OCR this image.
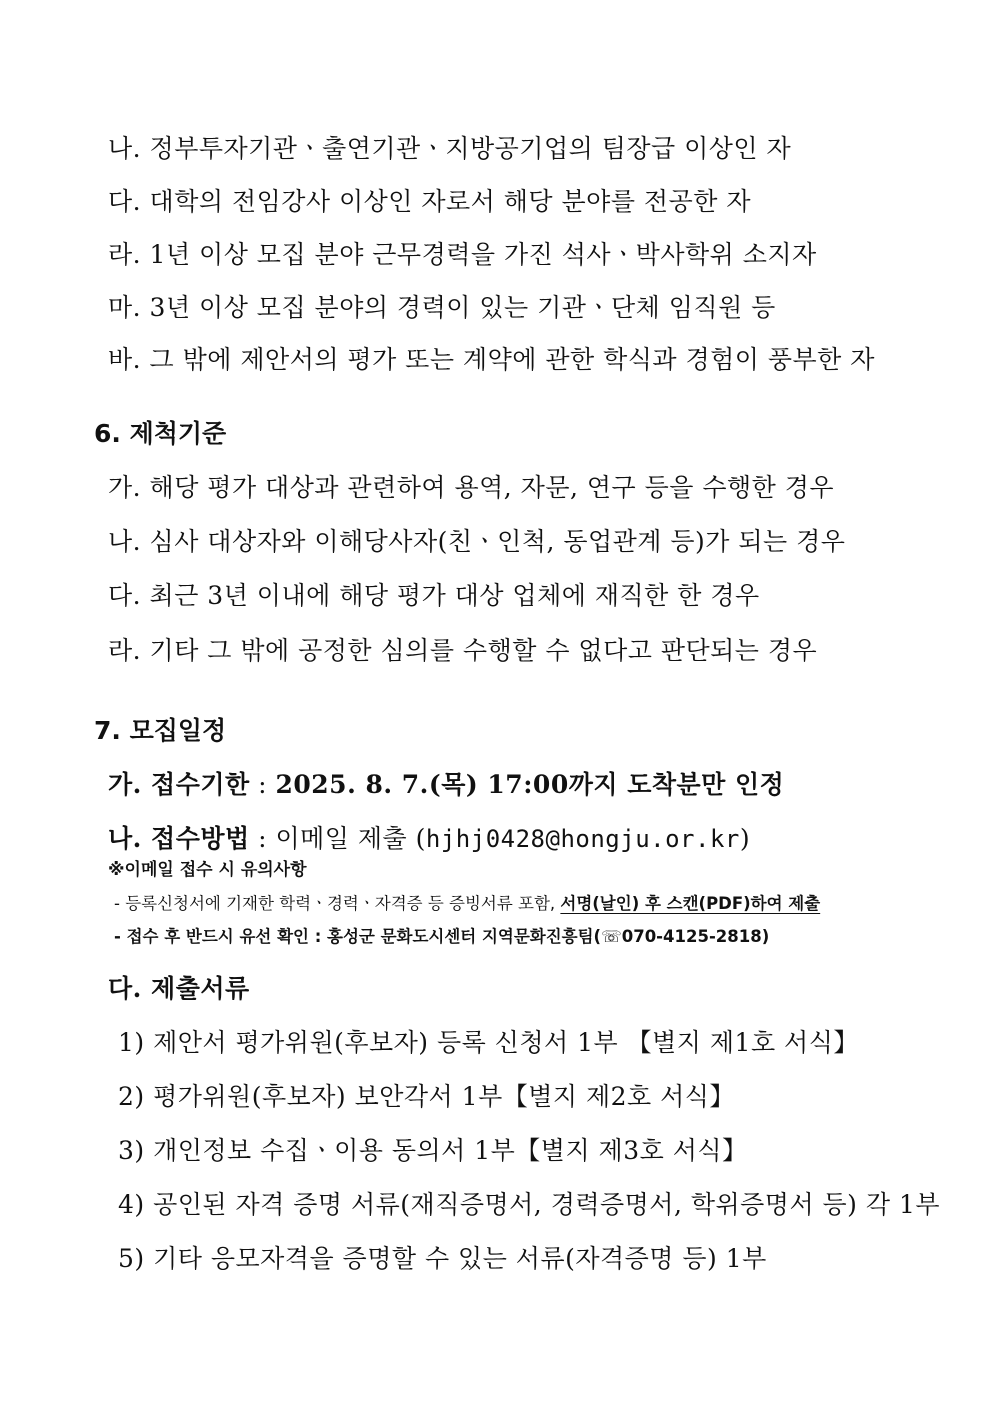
나. 정부투자기관ㆍ출연기관ㆍ지방공기업의 팀장급 이상인 자
다. 대학의 전임강사 이상인 자로서 해당 분야를 전공한 자
라. 1년 이상 모집 분야 근무경력을 가진 석사ㆍ박사학위 소지자
마. 3년 이상 모집 분야의 경력이 있는 기관ㆍ단체 임직원 등
바. 그 밖에 제안서의 평가 또는 계약에 관한 학식과 경험이 풍부한 자
6. 제척기준
가. 해당 평가 대상과 관련하여 용역, 자문, 연구 등을 수행한 경우
나. 심사 대상자와 이해당사자(친ㆍ인척, 동업관계 등)가 되는 경우
다. 최근 3년 이내에 해당 평가 대상 업체에 재직한 한 경우
라. 기타 그 밖에 공정한 심의를 수행할 수 없다고 판단되는 경우
7. 모집일정
가. 접수기한 : 2025. 8. 7.(목) 17:00까지 도착분만 인정
나. 접수방법 : 이메일 제출 (hjhj0428@hongju.or.kr)
※이메일 접수 시 유의사항
- 등록신청서에 기재한 학력ㆍ경력ㆍ자격증 등 증빙서류 포함, 서명(날인) 후 스캔(PDF)하여 제출
- 접수 후 반드시 유선 확인 : 홍성군 문화도시센터 지역문화진흥팀(☏070-4125-2818)
다. 제출서류
1) 제안서 평가위원(후보자) 등록 신청서 1부 【별지 제1호 서식】
2) 평가위원(후보자) 보안각서 1부【별지 제2호 서식】
3) 개인정보 수집ㆍ이용 동의서 1부【별지 제3호 서식】
4) 공인된 자격 증명 서류(재직증명서, 경력증명서, 학위증명서 등) 각 1부
5) 기타 응모자격을 증명할 수 있는 서류(자격증명 등) 1부
